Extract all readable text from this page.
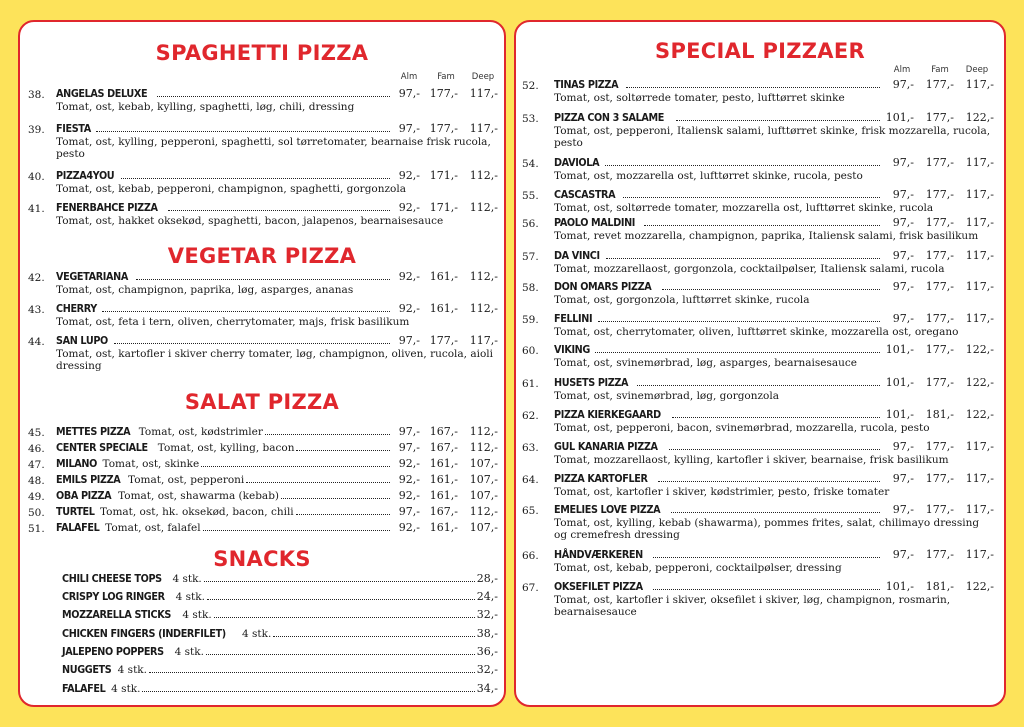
SPAGHETTI PIZZA
Alm	Fam	Deep
38. ANGELAS DELUXE	97,- 177,- 117,-
Tomat, ost, kebab, kylling, spaghetti, løg, chili, dressing
39. FIESTA	97,- 177,- 117,-
Tomat, ost, kylling, pepperoni, spaghetti, sol tørretomater, bearnaise frisk rucola, pesto
40. PIZZA4YOU	92,- 171,- 112,-
Tomat, ost, kebab, pepperoni, champignon, spaghetti, gorgonzola
41. FENERBAHCE PIZZA	92,- 171,- 112,-
Tomat, ost, hakket oksekød, spaghetti, bacon, jalapenos, bearnaisesauce
VEGETAR PIZZA
42. VEGETARIANA	92,- 161,- 112,-
Tomat, ost, champignon, paprika, løg, asparges, ananas
43. CHERRY	92,- 161,- 112,-
Tomat, ost, feta i tern, oliven, cherrytomater, majs, frisk basilikum
44. SAN LUPO	97,- 177,- 117,-
Tomat, ost, kartofler i skiver cherry tomater, løg, champignon, oliven, rucola, aioli dressing
SALAT PIZZA
45. METTES PIZZA Tomat, ost, kødstrimler	97,- 167,- 112,-
46. CENTER SPECIALE Tomat, ost, kylling, bacon	97,- 167,- 112,-
47. MILANO Tomat, ost, skinke	92,- 161,- 107,-
48. EMILS PIZZA Tomat, ost, pepperoni	92,- 161,- 107,-
49. OBA PIZZA Tomat, ost, shawarma (kebab)	92,- 161,- 107,-
50. TURTEL Tomat, ost, hk. oksekød, bacon, chili	97,- 167,- 112,-
51. FALAFEL Tomat, ost, falafel	92,- 161,- 107,-
SNACKS
CHILI CHEESE TOPS 4 stk.	28,-
CRISPY LOG RINGER 4 stk.	24,-
MOZZARELLA STICKS 4 stk.	32,-
CHICKEN FINGERS (INDERFILET) 4 stk.	38,-
JALEPENO POPPERS 4 stk.	36,-
NUGGETS 4 stk.	32,-
FALAFEL 4 stk.	34,-
SPECIAL PIZZAER
Alm	Fam	Deep
52. TINAS PIZZA	97,- 177,- 117,-
Tomat, ost, soltørrede tomater, pesto, lufttørret skinke
53. PIZZA CON 3 SALAME	101,- 177,- 122,-
Tomat, ost, pepperoni, Italiensk salami, lufttørret skinke, frisk mozzarella, rucola, pesto
54. DAVIOLA	97,- 177,- 117,-
Tomat, ost, mozzarella ost, lufttørret skinke, rucola, pesto
55. CASCASTRA	97,- 177,- 117,-
Tomat, ost, soltørrede tomater, mozzarella ost, lufttørret skinke, rucola
56. PAOLO MALDINI	97,- 177,- 117,-
Tomat, revet mozzarella, champignon, paprika, Italiensk salami, frisk basilikum
57. DA VINCI	97,- 177,- 117,-
Tomat, mozzarellaost, gorgonzola, cocktailpølser, Italiensk salami, rucola
58. DON OMARS PIZZA	97,- 177,- 117,-
Tomat, ost, gorgonzola, lufttørret skinke, rucola
59. FELLINI	97,- 177,- 117,-
Tomat, ost, cherrytomater, oliven, lufttørret skinke, mozzarella ost, oregano
60. VIKING	101,- 177,- 122,-
Tomat, ost, svinemørbrad, løg, asparges, bearnaisesauce
61. HUSETS PIZZA	101,- 177,- 122,-
Tomat, ost, svinemørbrad, løg, gorgonzola
62. PIZZA KIERKEGAARD	101,- 181,- 122,-
Tomat, ost, pepperoni, bacon, svinemørbrad, mozzarella, rucola, pesto
63. GUL KANARIA PIZZA	97,- 177,- 117,-
Tomat, mozzarellaost, kylling, kartofler i skiver, bearnaise, frisk basilikum
64. PIZZA KARTOFLER	97,- 177,- 117,-
Tomat, ost, kartofler i skiver, kødstrimler, pesto, friske tomater
65. EMELIES LOVE PIZZA	97,- 177,- 117,-
Tomat, ost, kylling, kebab (shawarma), pommes frites, salat, chilimayo dressing og cremefresh dressing
66. HÅNDVÆRKEREN	97,- 177,- 117,-
Tomat, ost, kebab, pepperoni, cocktailpølser, dressing
67. OKSEFILET PIZZA	101,- 181,- 122,-
Tomat, ost, kartofler i skiver, oksefilet i skiver, løg, champignon, rosmarin, bearnaisesauce
